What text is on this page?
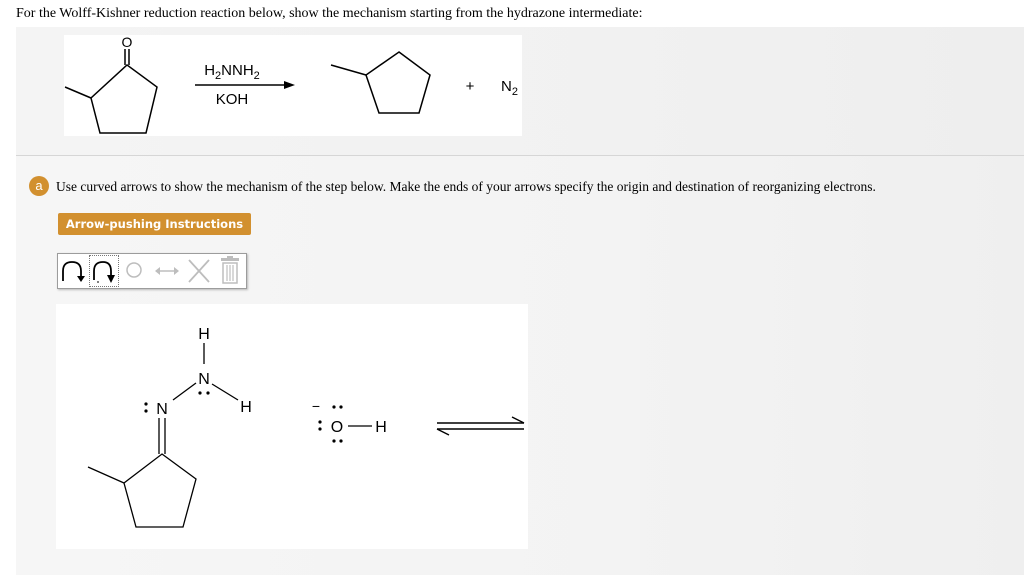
For the Wolff-Kishner reduction reaction below, show the mechanism starting from the hydrazone intermediate:
O
$H_2NNH_2$
KOH
+ $N_2$
a Use curved arrows to show the mechanism of the step below. Make the ends of your arrows specify the origin and destination of reorganizing electrons.
Arrow-pushing Instructions
H
N
H
N	−
O H
